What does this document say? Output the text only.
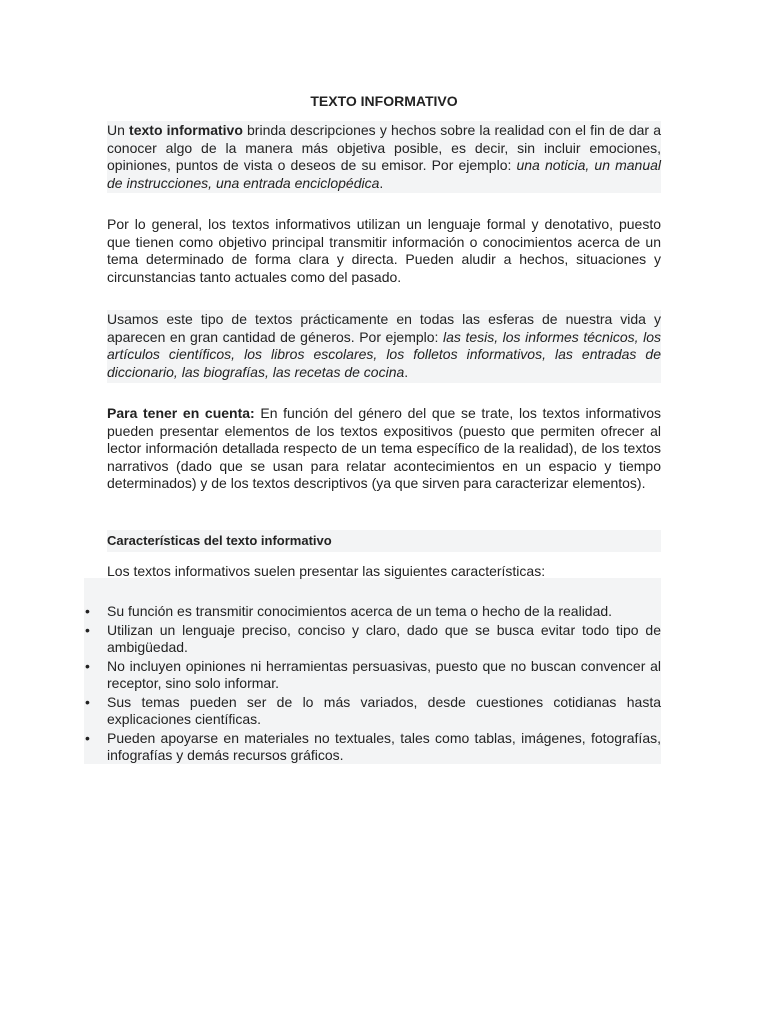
TEXTO INFORMATIVO

Un texto informativo brinda descripciones y hechos sobre la realidad con el fin de dar a conocer algo de la manera más objetiva posible, es decir, sin incluir emociones, opiniones, puntos de vista o deseos de su emisor. Por ejemplo: una noticia, un manual de instrucciones, una entrada enciclopédica.

Por lo general, los textos informativos utilizan un lenguaje formal y denotativo, puesto que tienen como objetivo principal transmitir información o conocimientos acerca de un tema determinado de forma clara y directa. Pueden aludir a hechos, situaciones y circunstancias tanto actuales como del pasado.

Usamos este tipo de textos prácticamente en todas las esferas de nuestra vida y aparecen en gran cantidad de géneros. Por ejemplo: las tesis, los informes técnicos, los artículos científicos, los libros escolares, los folletos informativos, las entradas de diccionario, las biografías, las recetas de cocina.

Para tener en cuenta: En función del género del que se trate, los textos informativos pueden presentar elementos de los textos expositivos (puesto que permiten ofrecer al lector información detallada respecto de un tema específico de la realidad), de los textos narrativos (dado que se usan para relatar acontecimientos en un espacio y tiempo determinados) y de los textos descriptivos (ya que sirven para caracterizar elementos).

Características del texto informativo
Los textos informativos suelen presentar las siguientes características:
• Su función es transmitir conocimientos acerca de un tema o hecho de la realidad.
• Utilizan un lenguaje preciso, conciso y claro, dado que se busca evitar todo tipo de ambigüedad.
• No incluyen opiniones ni herramientas persuasivas, puesto que no buscan convencer al receptor, sino solo informar.
• Sus temas pueden ser de lo más variados, desde cuestiones cotidianas hasta explicaciones científicas.
• Pueden apoyarse en materiales no textuales, tales como tablas, imágenes, fotografías, infografías y demás recursos gráficos.
